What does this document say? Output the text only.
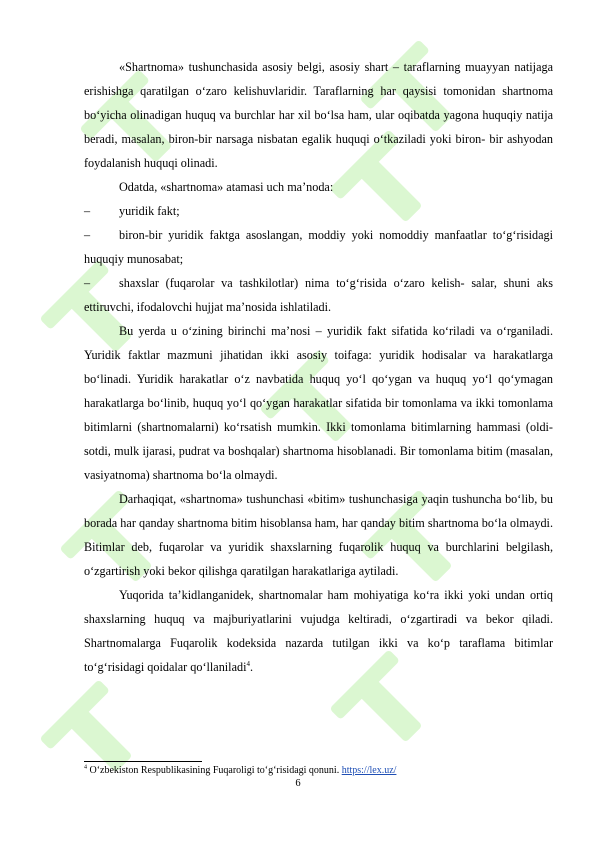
«Shartnoma» tushunchasida asosiy belgi, asosiy shart – taraflarning muayyan natijaga erishishga qaratilgan o‘zaro kelishuvlaridir. Taraflarning har qaysisi tomonidan shartnoma bo‘yicha olinadigan huquq va burchlar har xil bo‘lsa ham, ular oqibatda yagona huquqiy natija beradi, masalan, biron-bir narsaga nisbatan egalik huquqi o‘tkaziladi yoki biron- bir ashyodan foydalanish huquqi olinadi.

Odatda, «shartnoma» atamasi uch ma’noda:

– yuridik fakt;

– biron-bir yuridik faktga asoslangan, moddiy yoki nomoddiy manfaatlar to‘g‘risidagi huquqiy munosabat;

– shaxslar (fuqarolar va tashkilotlar) nima to‘g‘risida o‘zaro kelish- salar, shuni aks ettiruvchi, ifodalovchi hujjat ma’nosida ishlatiladi.

Bu yerda u o‘zining birinchi ma’nosi – yuridik fakt sifatida ko‘riladi va o‘rganiladi. Yuridik faktlar mazmuni jihatidan ikki asosiy toifaga: yuridik hodisalar va harakatlarga bo‘linadi. Yuridik harakatlar o‘z navbatida huquq yo‘l qo‘ygan va huquq yo‘l qo‘ymagan harakatlarga bo‘linib, huquq yo‘l qo‘ygan harakatlar sifatida bir tomonlama va ikki tomonlama bitimlarni (shartnomalarni) ko‘rsatish mumkin. Ikki tomonlama bitimlarning hammasi (oldi-sotdi, mulk ijarasi, pudrat va boshqalar) shartnoma hisoblanadi. Bir tomonlama bitim (masalan, vasiyatnoma) shartnoma bo‘la olmaydi.

Darhaqiqat, «shartnoma» tushunchasi «bitim» tushunchasiga yaqin tushuncha bo‘lib, bu borada har qanday shartnoma bitim hisoblansa ham, har qanday bitim shartnoma bo‘la olmaydi. Bitimlar deb, fuqarolar va yuridik shaxslarning fuqarolik huquq va burchlarini belgilash, o‘zgartirish yoki bekor qilishga qaratilgan harakatlariga aytiladi.

Yuqorida ta’kidlanganidek, shartnomalar ham mohiyatiga ko‘ra ikki yoki undan ortiq shaxslarning huquq va majburiyatlarini vujudga keltiradi, o‘zgartiradi va bekor qiladi. Shartnomalarga Fuqarolik kodeksida nazarda tutilgan ikki va ko‘p taraflama bitimlar to‘g‘risidagi qoidalar qo‘llaniladi$^4$.

$^4$ O‘zbekiston Respublikasining Fuqaroligi to‘g‘risidagi qonuni. https://lex.uz/
6
